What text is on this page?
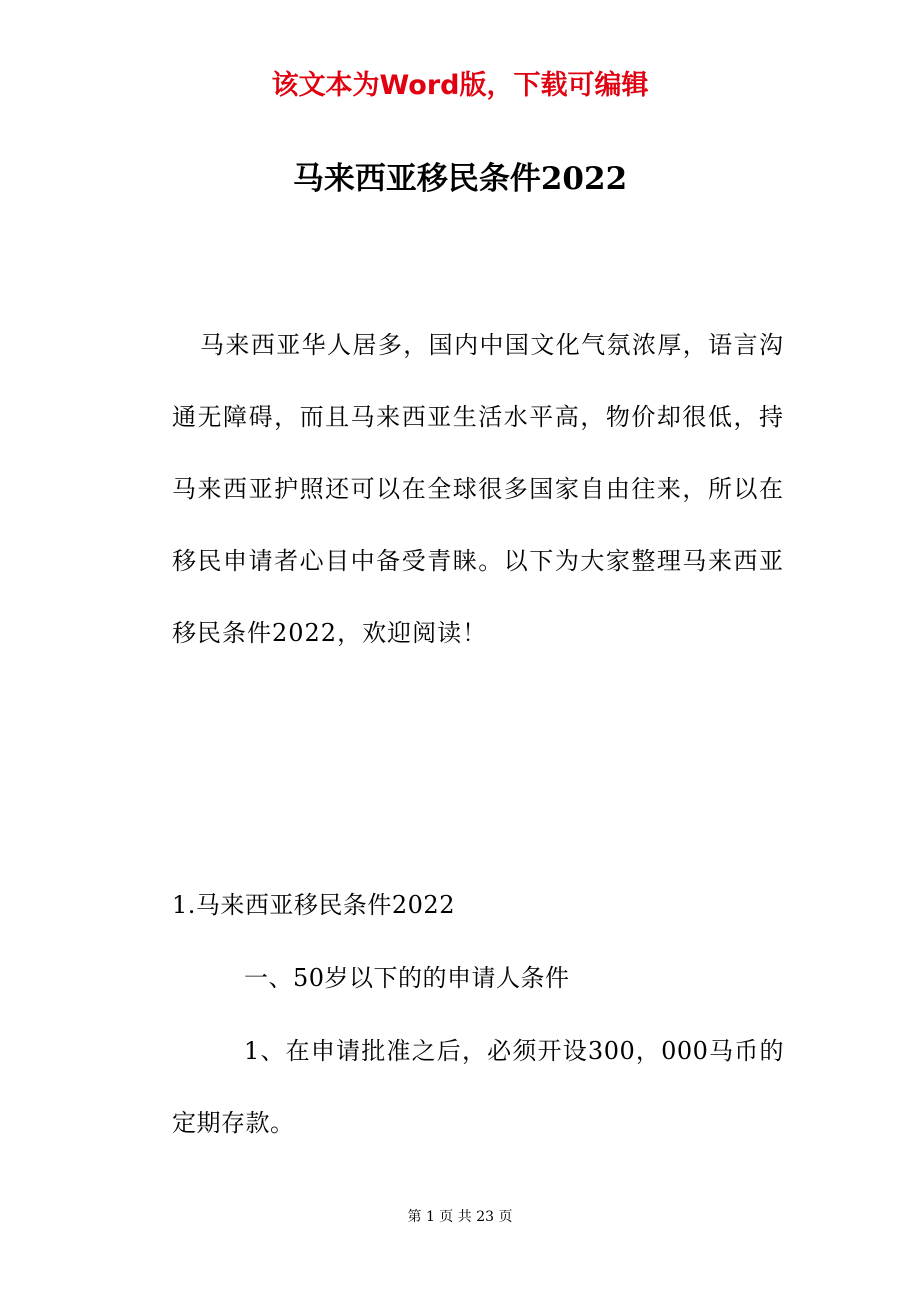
该文本为Word版，下载可编辑
马来西亚移民条件2022

马来西亚华人居多，国内中国文化气氛浓厚，语言沟通无障碍，而且马来西亚生活水平高，物价却很低，持马来西亚护照还可以在全球很多国家自由往来，所以在移民申请者心目中备受青睐。以下为大家整理马来西亚移民条件2022，欢迎阅读！

1.马来西亚移民条件2022

一、50岁以下的的申请人条件

1、在申请批准之后，必须开设300，000马币的定期存款。

第 1 页 共 23 页
